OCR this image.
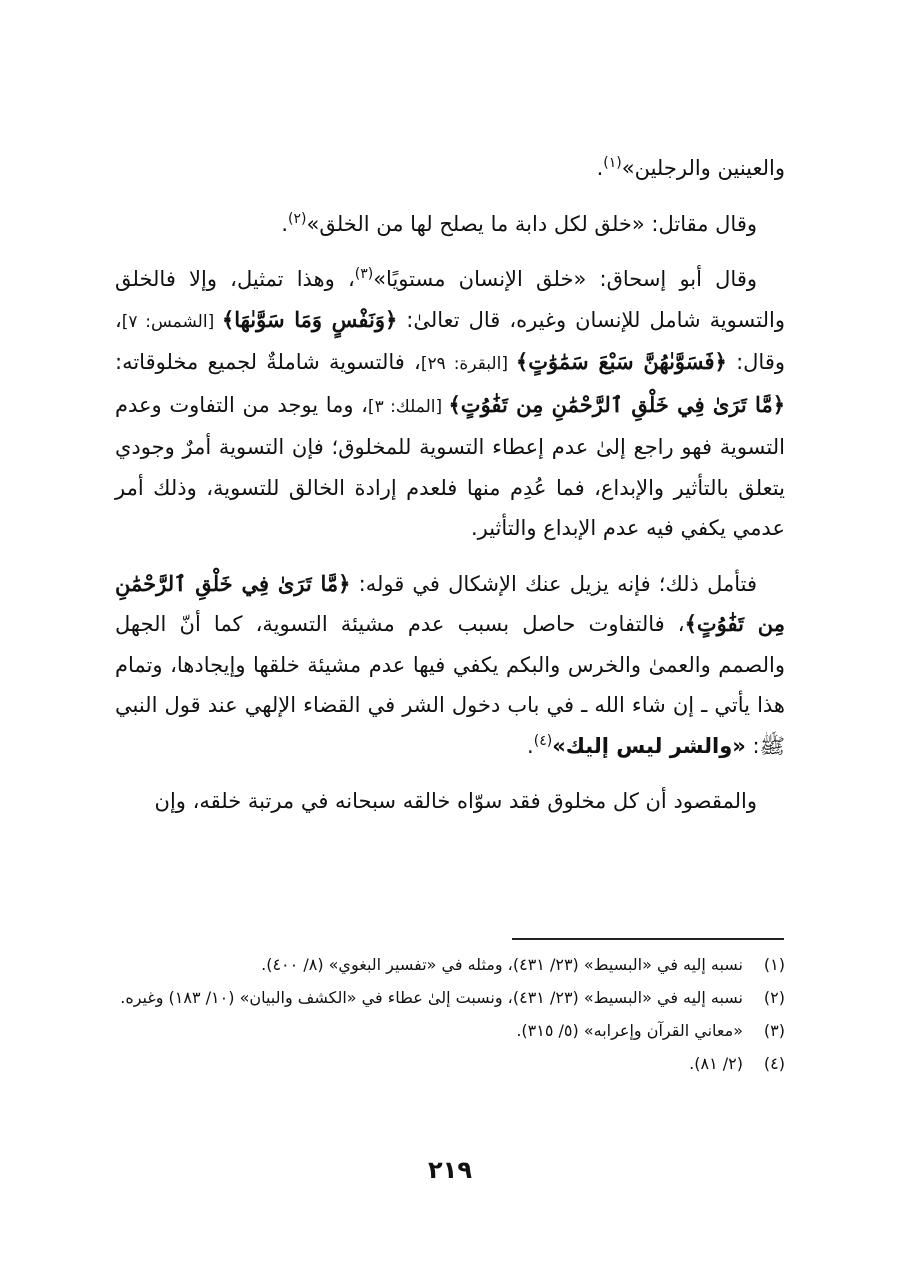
والعينين والرجلين»$^{(١)}$.

وقال مقاتل: «خلق لكل دابة ما يصلح لها من الخلق»$^{(٢)}$.

وقال أبو إسحاق: «خلق الإنسان مستويًا»$^{(٣)}$، وهذا تمثيل، وإلا فالخلق والتسوية شامل للإنسان وغيره، قال تعالىٰ: ﴿وَنَفْسٍ وَمَا سَوَّىٰهَا﴾ [الشمس: ٧]، وقال: ﴿فَسَوَّىٰهُنَّ سَبْعَ سَمَٰوَٰتٍ﴾ [البقرة: ٢٩]، فالتسوية شاملةٌ لجميع مخلوقاته: ﴿مَّا تَرَىٰ فِي خَلْقِ ٱلرَّحْمَٰنِ مِن تَفَٰوُتٍ﴾ [الملك: ٣]، وما يوجد من التفاوت وعدم التسوية فهو راجع إلىٰ عدم إعطاء التسوية للمخلوق؛ فإن التسوية أمرٌ وجودي يتعلق بالتأثير والإبداع، فما عُدِم منها فلعدم إرادة الخالق للتسوية، وذلك أمر عدمي يكفي فيه عدم الإبداع والتأثير.

فتأمل ذلك؛ فإنه يزيل عنك الإشكال في قوله: ﴿مَّا تَرَىٰ فِي خَلْقِ ٱلرَّحْمَٰنِ مِن تَفَٰوُتٍ﴾، فالتفاوت حاصل بسبب عدم مشيئة التسوية، كما أنّ الجهل والصمم والعمىٰ والخرس والبكم يكفي فيها عدم مشيئة خلقها وإيجادها، وتمام هذا يأتي ـ إن شاء الله ـ في باب دخول الشر في القضاء الإلهي عند قول النبي ﷺ: «والشر ليس إليك»$^{(٤)}$.

والمقصود أن كل مخلوق فقد سوّاه خالقه سبحانه في مرتبة خلقه، وإن

(١)
نسبه إليه في «البسيط» (٢٣/ ٤٣١)، ومثله في «تفسير البغوي» (٨/ ٤٠٠).
(٢)
نسبه إليه في «البسيط» (٢٣/ ٤٣١)، ونسبت إلىٰ عطاء في «الكشف والبيان» (١٠/ ١٨٣) وغيره.
(٣)
«معاني القرآن وإعرابه» (٥/ ٣١٥).
(٤)
(٢/ ٨١).
٢١٩
